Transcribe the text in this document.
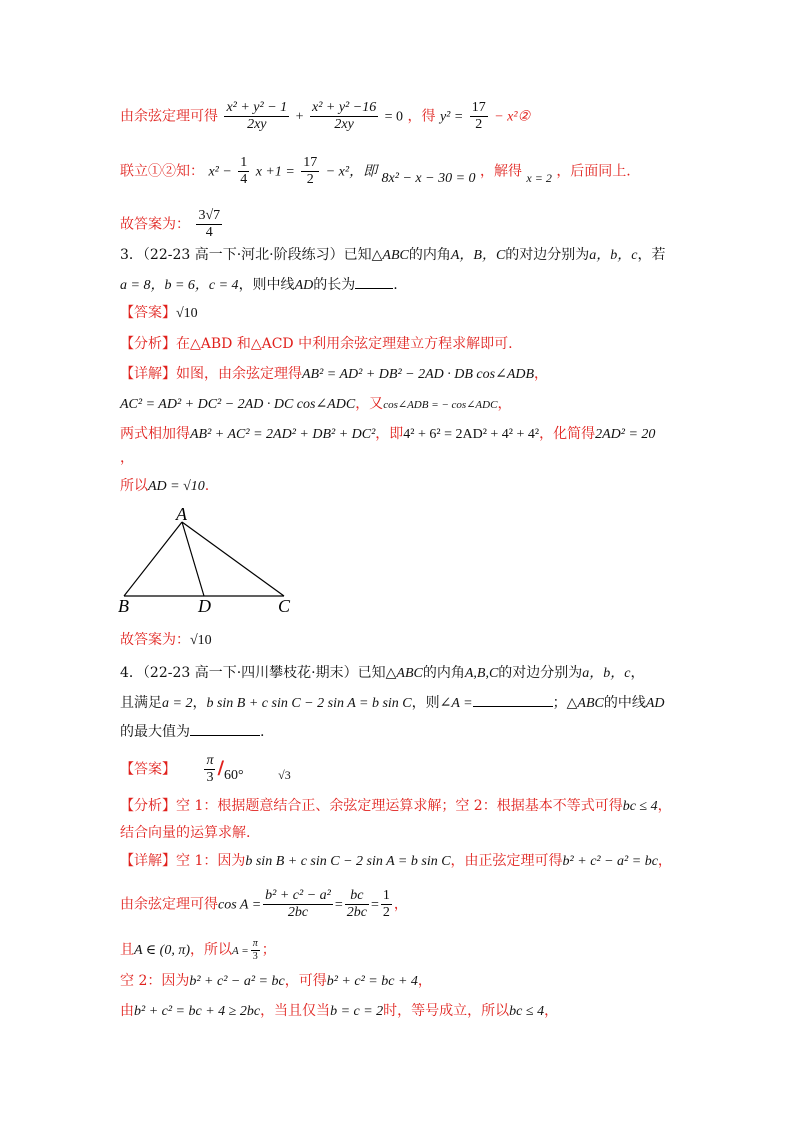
由余弦定理可得 $\frac{\text{x² + y² − 1}}{2xy} + \frac{\text{x² + y² −16}}{2xy} = 0$ ，得 $y^2 = \frac{17}{2}$ − x²②
联立①②知： $x^2 - \frac{1}{4}$ $x +1 = \frac{17}{2} - x^2$，即 8x² − x − 30 = 0 ，解得 x = 2 ，后面同上.
故答案为： $\frac{3√7}{4}$
3．（22-23 高一下·河北·阶段练习）已知△ABC的内角A，B，C的对边分别为a，b，c，若
a = 8，b = 6，c = 4，则中线AD的长为	.
【答案】√10
【分析】在△ABD 和△ACD 中利用余弦定理建立方程求解即可.
【详解】如图，由余弦定理得AB² = AD² + DB² − 2AD · DB cos∠ADB，
AC² = AD² + DC² − 2AD · DC cos∠ADC，又cos∠ADB = − cos∠ADC，
两式相加得AB² + AC² = 2AD² + DB² + DC²，即4² + 6² = 2AD² + 4² + 4²，化简得2AD² = 20
，
所以AD = √10.
A
B	D	C
故答案为：√10
4．（22-23 高一下·四川攀枝花·期末）已知△ABC的内角A,B,C的对边分别为a，b，c，
且满足a = 2，b sin B + c sin C − 2 sin A = b sin C，则∠A =	；△ABC的中线AD
的最大值为	.
【答案】 $\frac{\pi}{3} /60^\circ$	√3
【分析】空 1：根据题意结合正、余弦定理运算求解；空 2：根据基本不等式可得bc ≤ 4，
结合向量的运算求解.
【详解】空 1：因为b sin B + c sin C − 2 sin A = b sin C，由正弦定理可得b² + c² − a² = bc，
由余弦定理可得$\cos A = \frac{\text{b² + c² − a²}}{2bc} = \frac{bc}{2bc} = \frac{1}{2}$ ，
且A ∈ (0, π)，所以$A = \frac{\pi}{3}$ ；
空 2：因为b² + c² − a² = bc，可得b² + c² = bc + 4，
由b² + c² = bc + 4 ≥ 2bc，当且仅当b = c = 2时，等号成立，所以bc ≤ 4，
